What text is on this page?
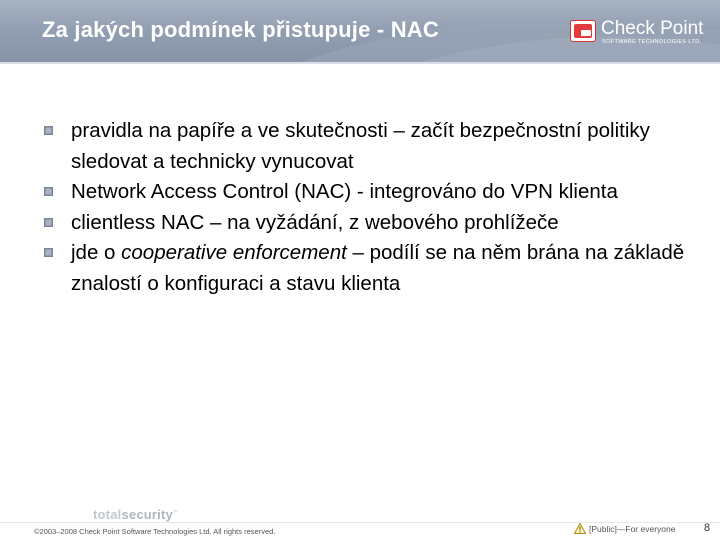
Za jakých podmínek přistupuje - NAC	Check Point
SOFTWARE TECHNOLOGIES LTD.
pravidla na papíře a ve skutečnosti – začít bezpečnostní politiky sledovat a technicky vynucovat
Network Access Control (NAC) - integrováno do VPN klienta
clientless NAC – na vyžádání, z webového prohlížeče
jde o cooperative enforcement – podílí se na něm brána na základě znalostí o konfiguraci a stavu klienta
totalsecurity™
©2003–2008 Check Point Software Technologies Ltd. All rights reserved.	[Public]—For everyone	8
